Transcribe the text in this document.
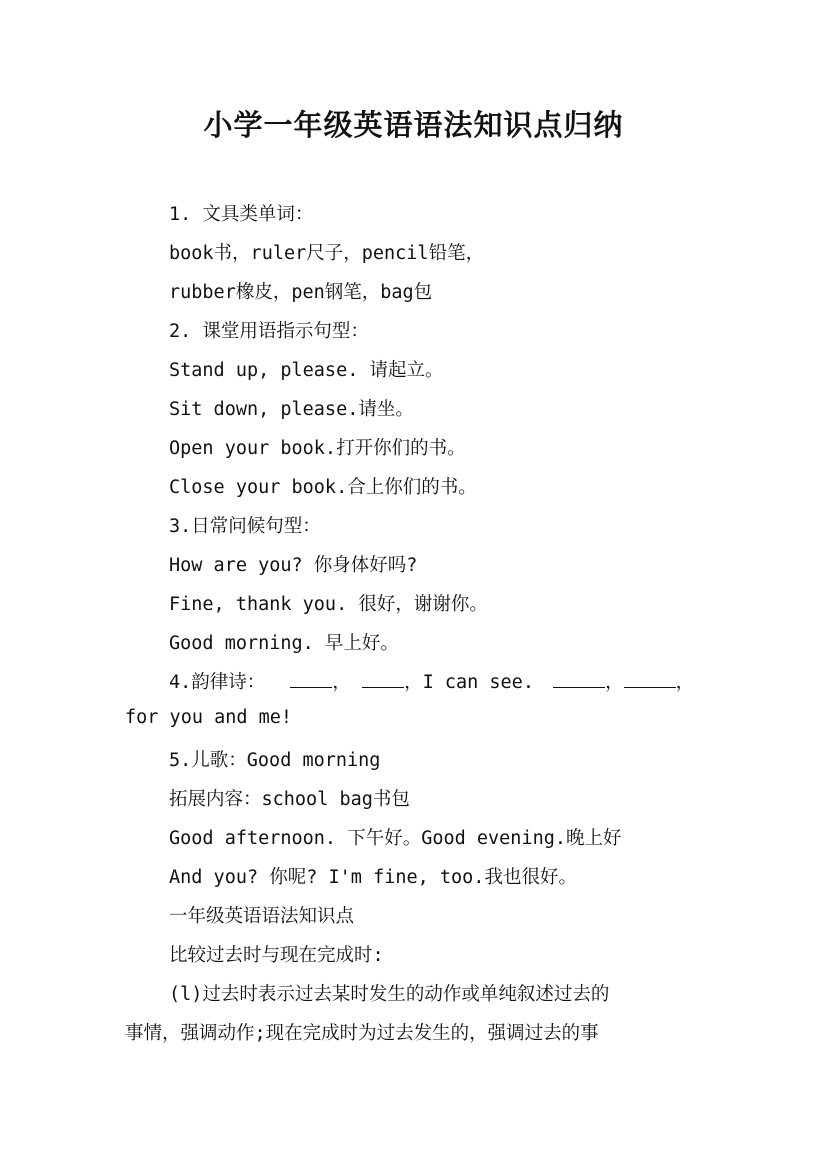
小学一年级英语语法知识点归纳
1. 文具类单词：
book书，ruler尺子，pencil铅笔，
rubber橡皮，pen钢笔，bag包
2. 课堂用语指示句型：
Stand up, please. 请起立。
Sit down, please.请坐。
Open your book.打开你们的书。
Close your book.合上你们的书。
3.日常问候句型：
How are you? 你身体好吗?
Fine, thank you. 很好，谢谢你。
Good morning. 早上好。
4.韵律诗：	，	，I can see.	，	，
for you and me!
5.儿歌：Good morning
拓展内容：school bag书包
Good afternoon. 下午好。Good evening.晚上好
And you? 你呢? I'm fine, too.我也很好。
一年级英语语法知识点
比较过去时与现在完成时:
(l)过去时表示过去某时发生的动作或单纯叙述过去的
事情，强调动作;现在完成时为过去发生的，强调过去的事
